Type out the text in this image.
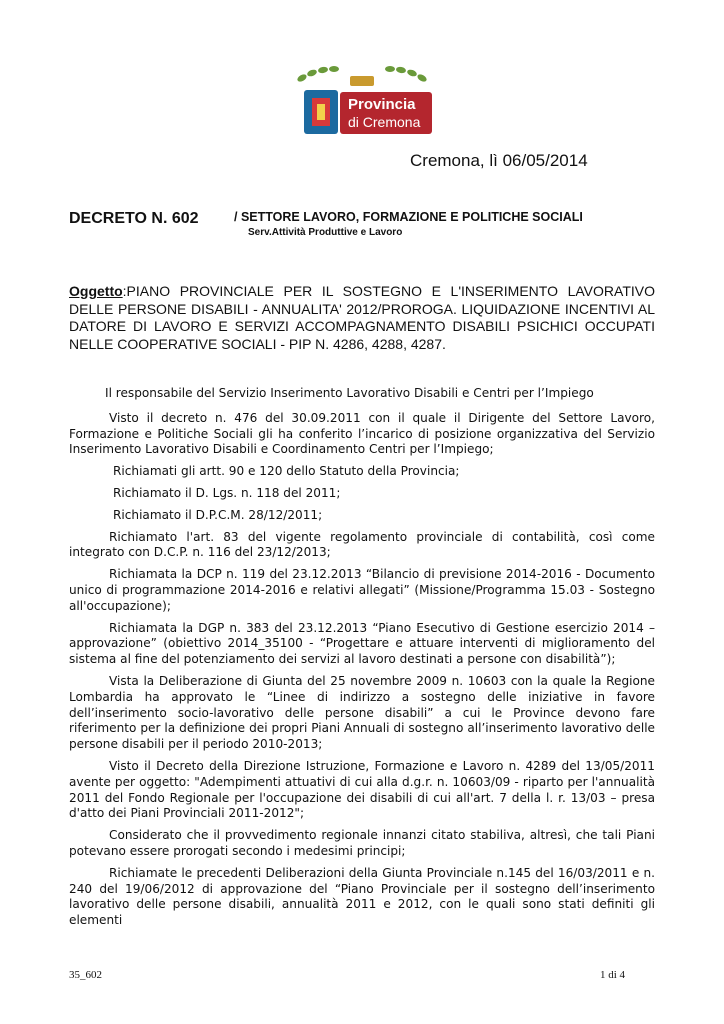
Provincia
di Cremona
Cremona, lì 06/05/2014
DECRETO N. 602	/ SETTORE LAVORO, FORMAZIONE E POLITICHE SOCIALI
Serv.Attività Produttive e Lavoro
Oggetto:PIANO PROVINCIALE PER IL SOSTEGNO E L'INSERIMENTO LAVORATIVO DELLE PERSONE DISABILI - ANNUALITA' 2012/PROROGA. LIQUIDAZIONE INCENTIVI AL DATORE DI LAVORO E SERVIZI ACCOMPAGNAMENTO DISABILI PSICHICI OCCUPATI NELLE COOPERATIVE SOCIALI - PIP N. 4286, 4288, 4287.

Il responsabile del Servizio Inserimento Lavorativo Disabili e Centri per l’Impiego

Visto il decreto n. 476 del 30.09.2011 con il quale il Dirigente del Settore Lavoro, Formazione e Politiche Sociali gli ha conferito l’incarico di posizione organizzativa del Servizio Inserimento Lavorativo Disabili e Coordinamento Centri per l’Impiego;

Richiamati gli artt. 90 e 120 dello Statuto della Provincia;

Richiamato il D. Lgs. n. 118 del 2011;

Richiamato il D.P.C.M. 28/12/2011;

Richiamato l'art. 83 del vigente regolamento provinciale di contabilità, così come integrato con D.C.P. n. 116 del 23/12/2013;

Richiamata la DCP n. 119 del 23.12.2013 “Bilancio di previsione 2014-2016 - Documento unico di programmazione 2014-2016 e relativi allegati” (Missione/Programma 15.03 - Sostegno all'occupazione);

Richiamata la DGP n. 383 del 23.12.2013 “Piano Esecutivo di Gestione esercizio 2014 – approvazione” (obiettivo 2014_35100 - “Progettare e attuare interventi di miglioramento del sistema al fine del potenziamento dei servizi al lavoro destinati a persone con disabilità”);

Vista la Deliberazione di Giunta del 25 novembre 2009 n. 10603 con la quale la Regione Lombardia ha approvato le “Linee di indirizzo a sostegno delle iniziative in favore dell’inserimento socio-lavorativo delle persone disabili” a cui le Province devono fare riferimento per la definizione dei propri Piani Annuali di sostegno all’inserimento lavorativo delle persone disabili per il periodo 2010-2013;

Visto il Decreto della Direzione Istruzione, Formazione e Lavoro n. 4289 del 13/05/2011 avente per oggetto: "Adempimenti attuativi di cui alla d.g.r. n. 10603/09 - riparto per l'annualità 2011 del Fondo Regionale per l'occupazione dei disabili di cui all'art. 7 della l. r. 13/03 – presa d'atto dei Piani Provinciali 2011-2012";

Considerato che il provvedimento regionale innanzi citato stabiliva, altresì, che tali Piani potevano essere prorogati secondo i medesimi principi;

Richiamate le precedenti Deliberazioni della Giunta Provinciale n.145 del 16/03/2011 e n. 240 del 19/06/2012 di approvazione del “Piano Provinciale per il sostegno dell’inserimento lavorativo delle persone disabili, annualità 2011 e 2012, con le quali sono stati definiti gli elementi

35_602	1 di 4
